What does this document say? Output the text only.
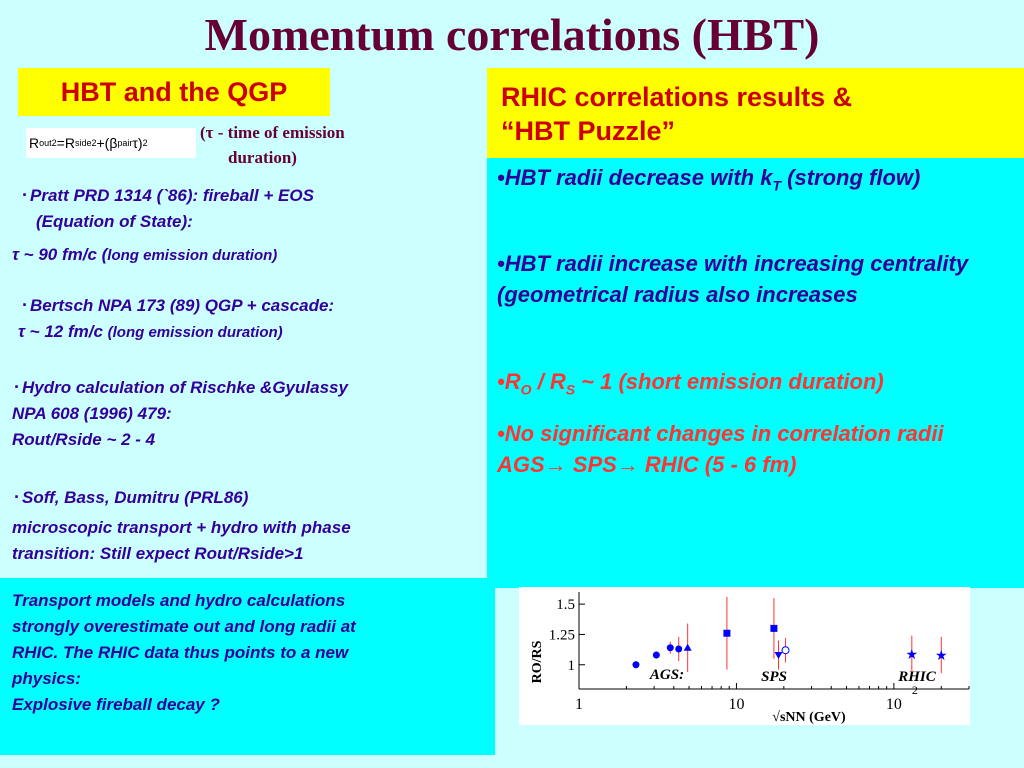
Momentum correlations (HBT)
HBT and the QGP
R out 2 =R side 2 +(β pair τ) 2
(τ - time of emission
duration)
· Pratt PRD 1314 (`86): fireball + EOS
(Equation of State):
τ ~ 90 fm/c (long emission duration)
· Bertsch NPA 173 (89) QGP + cascade:
τ ~ 12 fm/c (long emission duration)
· Hydro calculation of Rischke &Gyulassy
NPA 608 (1996) 479:
Rout/Rside ~ 2 - 4
· Soff, Bass, Dumitru (PRL86)
microscopic transport + hydro with phase
transition: Still expect Rout/Rside>1
Transport models and hydro calculations
strongly overestimate out and long radii at
RHIC. The RHIC data thus points to a new
physics:
Explosive fireball decay ?
RHIC correlations results &
“HBT Puzzle”
•HBT radii decrease with $k_T$ (strong flow)
•HBT radii increase with increasing centrality (geometrical radius also increases
$•R_O / R_S$ ~ 1 (short emission duration)
•No significant changes in correlation radii AGS→ SPS→ RHIC (5 - 6 fm)
1
1.25
1.5
1	10	10
2
√sNN (GeV)
RO/RS	AGS:	SPS	RHIC
★ ★
